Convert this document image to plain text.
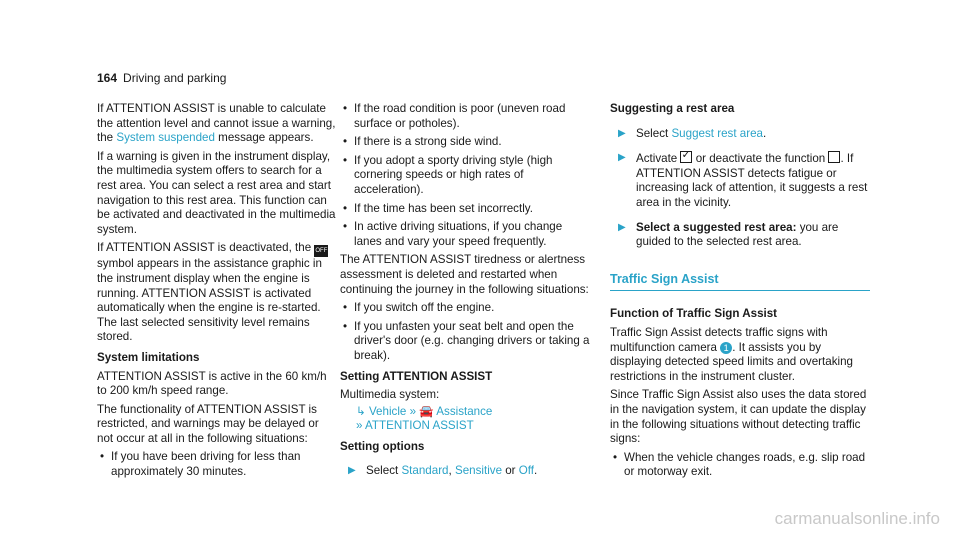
164 Driving and parking

If ATTENTION ASSIST is unable to calculate the attention level and cannot issue a warning, the System suspended message appears.

If a warning is given in the instrument display, the multimedia system offers to search for a rest area. You can select a rest area and start navigation to this rest area. This function can be activated and deactivated in the multimedia system.

If ATTENTION ASSIST is deactivated, the OFF symbol appears in the assistance graphic in the instrument display when the engine is running. ATTENTION ASSIST is activated automatically when the engine is re-started. The last selected sensitivity level remains stored.

System limitations

ATTENTION ASSIST is active in the 60 km/h to 200 km/h speed range.

The functionality of ATTENTION ASSIST is restricted, and warnings may be delayed or not occur at all in the following situations:

• If you have been driving for less than approximately 30 minutes.
• If the road condition is poor (uneven road surface or potholes).
• If there is a strong side wind.
• If you adopt a sporty driving style (high cornering speeds or high rates of acceleration).
• If the time has been set incorrectly.
• In active driving situations, if you change lanes and vary your speed frequently.

The ATTENTION ASSIST tiredness or alertness assessment is deleted and restarted when continuing the journey in the following situations:

• If you switch off the engine.
• If you unfasten your seat belt and open the driver's door (e.g. changing drivers or taking a break).

Setting ATTENTION ASSIST

Multimedia system:

↳ Vehicle » 🚘 Assistance
» ATTENTION ASSIST

Setting options

▶ Select Standard, Sensitive or Off.

Suggesting a rest area

▶ Select Suggest rest area.
▶ Activate ✓ or deactivate the function . If ATTENTION ASSIST detects fatigue or increasing lack of attention, it suggests a rest area in the vicinity.
▶ Select a suggested rest area: you are guided to the selected rest area.
Traffic Sign Assist

Function of Traffic Sign Assist

Traffic Sign Assist detects traffic signs with multifunction camera 1 . It assists you by displaying detected speed limits and overtaking restrictions in the instrument cluster.

Since Traffic Sign Assist also uses the data stored in the navigation system, it can update the display in the following situations without detecting traffic signs:

• When the vehicle changes roads, e.g. slip road or motorway exit.
carmanualsonline.info
